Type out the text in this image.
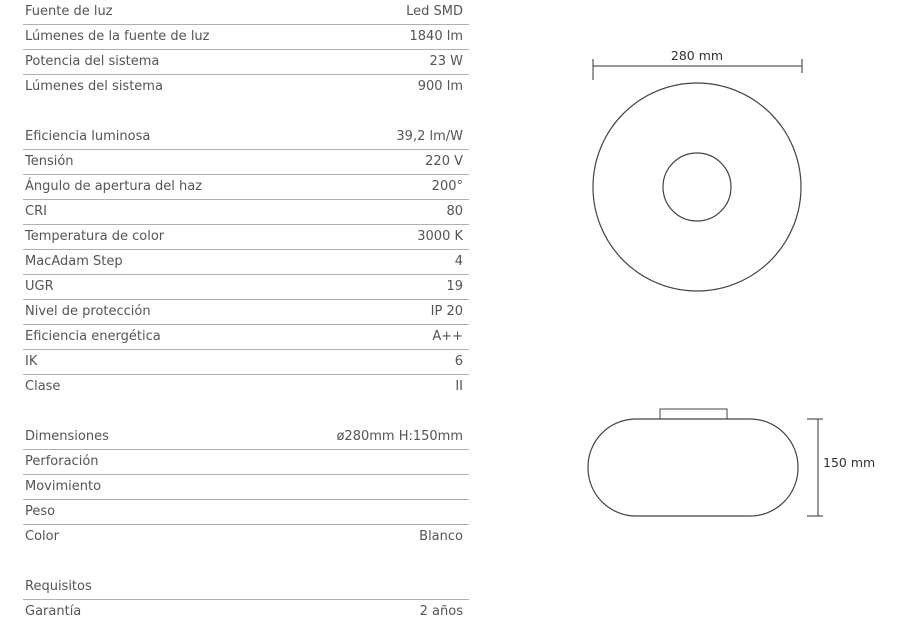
Fuente de luz	Led SMD
Lúmenes de la fuente de luz	1840 lm
Potencia del sistema	23 W
Lúmenes del sistema	900 lm
Eficiencia luminosa	39,2 lm/W
Tensión	220 V
Ángulo de apertura del haz	200°
CRI	80
Temperatura de color	3000 K
MacAdam Step	4
UGR	19
Nivel de protección	IP 20
Eficiencia energética	A++
IK	6
Clase	II
Dimensiones	ø280mm H:150mm
Perforación
Movimiento
Peso
Color	Blanco
Requisitos
Garantía	2 años
280 mm
150 mm
